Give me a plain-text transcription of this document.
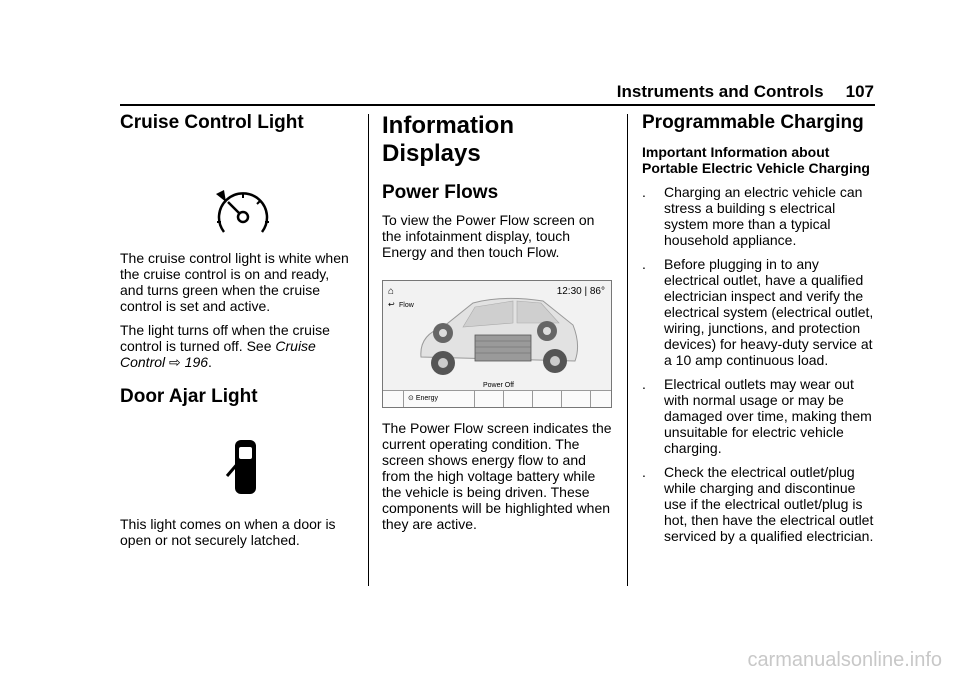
Instruments and Controls 107
Cruise Control Light

The cruise control light is white when the cruise control is on and ready, and turns green when the cruise control is set and active.

The light turns off when the cruise control is turned off. See Cruise Control ⇨ 196.

Door Ajar Light

This light comes on when a door is open or not securely latched.

Information Displays
Power Flows

To view the Power Flow screen on the infotainment display, touch Energy and then touch Flow.

⌂	12:30 | 86°
↩ Flow
Power Off
⊙ Energy

The Power Flow screen indicates the current operating condition. The screen shows energy flow to and from the high voltage battery while the vehicle is being driven. These components will be highlighted when they are active.

Programmable Charging

Important Information about Portable Electric Vehicle Charging

. Charging an electric vehicle can stress a building s electrical system more than a typical household appliance.
. Before plugging in to any electrical outlet, have a qualified electrician inspect and verify the electrical system (electrical outlet, wiring, junctions, and protection devices) for heavy-duty service at a 10 amp continuous load.
. Electrical outlets may wear out with normal usage or may be damaged over time, making them unsuitable for electric vehicle charging.
. Check the electrical outlet/plug while charging and discontinue use if the electrical outlet/plug is hot, then have the electrical outlet serviced by a qualified electrician.
carmanualsonline.info
